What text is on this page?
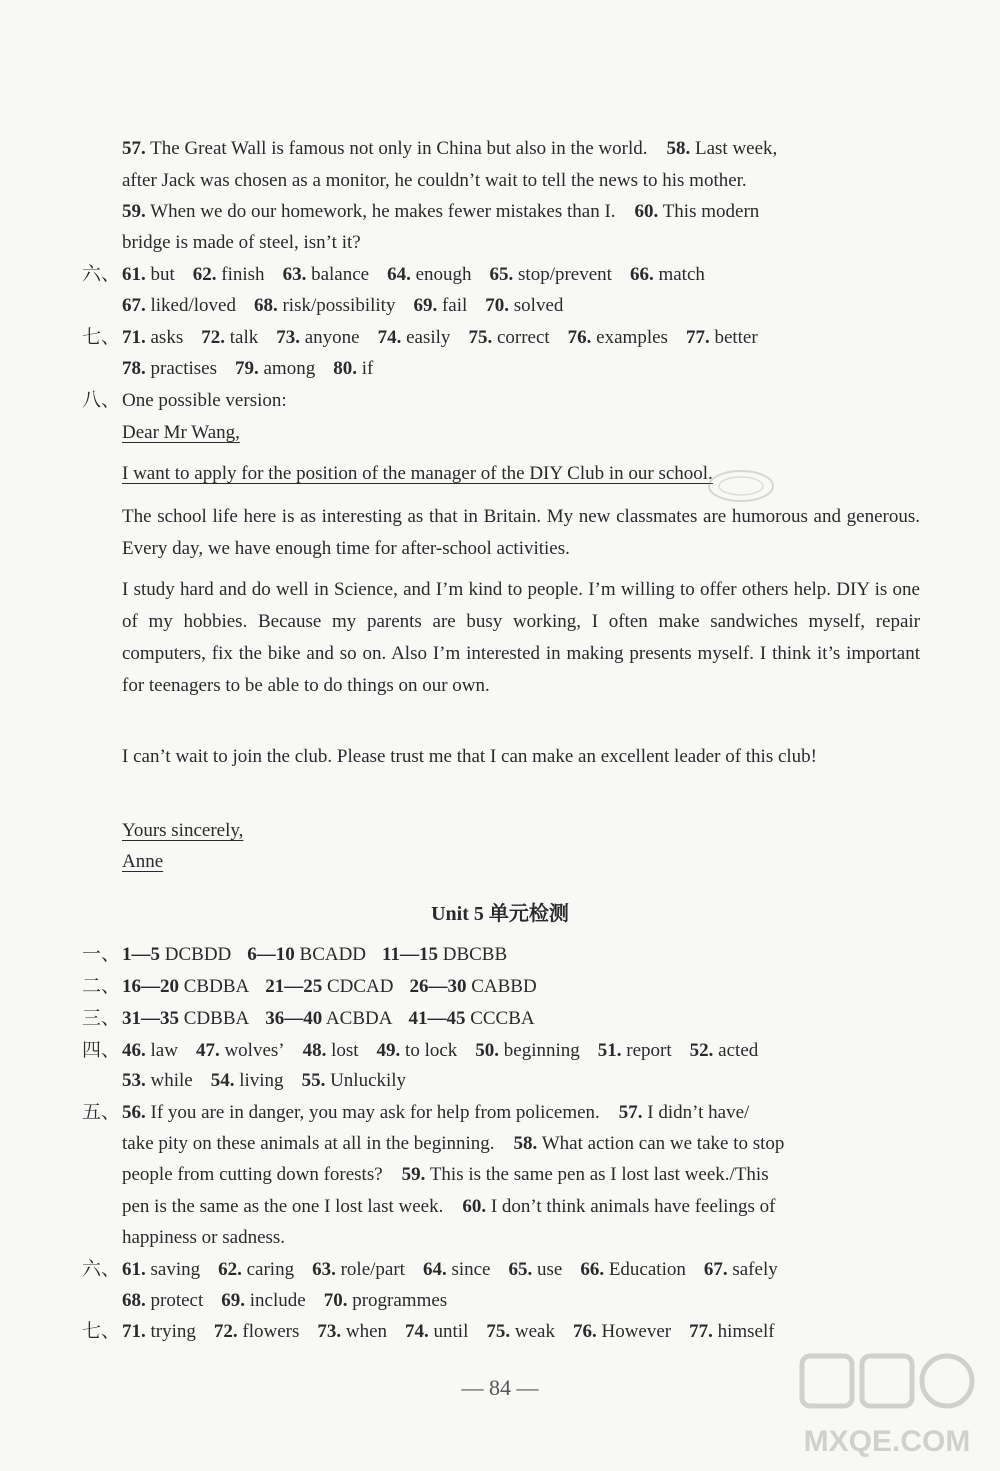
57. The Great Wall is famous not only in China but also in the world. 58. Last week,
after Jack was chosen as a monitor, he couldn’t wait to tell the news to his mother.
59. When we do our homework, he makes fewer mistakes than I. 60. This modern
bridge is made of steel, isn’t it?
六、 61. but 62. finish 63. balance 64. enough 65. stop/prevent 66. match
67. liked/loved 68. risk/possibility 69. fail 70. solved
七、 71. asks 72. talk 73. anyone 74. easily 75. correct 76. examples 77. better
78. practises 79. among 80. if
八、 One possible version:
Dear Mr Wang,
I want to apply for the position of the manager of the DIY Club in our school.
The school life here is as interesting as that in Britain. My new classmates are humorous and generous. Every day, we have enough time for after-school activities.
I study hard and do well in Science, and I’m kind to people. I’m willing to offer others help. DIY is one of my hobbies. Because my parents are busy working, I often make sandwiches myself, repair computers, fix the bike and so on. Also I’m interested in making presents myself. I think it’s important for teenagers to be able to do things on our own.
I can’t wait to join the club. Please trust me that I can make an excellent leader of this club!
Yours sincerely,
Anne
Unit 5 单元检测
一、 1—5 DCBDD 6—10 BCADD 11—15 DBCBB
二、 16—20 CBDBA 21—25 CDCAD 26—30 CABBD
三、 31—35 CDBBA 36—40 ACBDA 41—45 CCCBA
四、 46. law 47. wolves’ 48. lost 49. to lock 50. beginning 51. report 52. acted
53. while 54. living 55. Unluckily
五、 56. If you are in danger, you may ask for help from policemen. 57. I didn’t have/
take pity on these animals at all in the beginning. 58. What action can we take to stop
people from cutting down forests? 59. This is the same pen as I lost last week./This
pen is the same as the one I lost last week. 60. I don’t think animals have feelings of
happiness or sadness.
六、 61. saving 62. caring 63. role/part 64. since 65. use 66. Education 67. safely
68. protect 69. include 70. programmes
七、 71. trying 72. flowers 73. when 74. until 75. weak 76. However 77. himself
— 84 —
MXQE.COM
